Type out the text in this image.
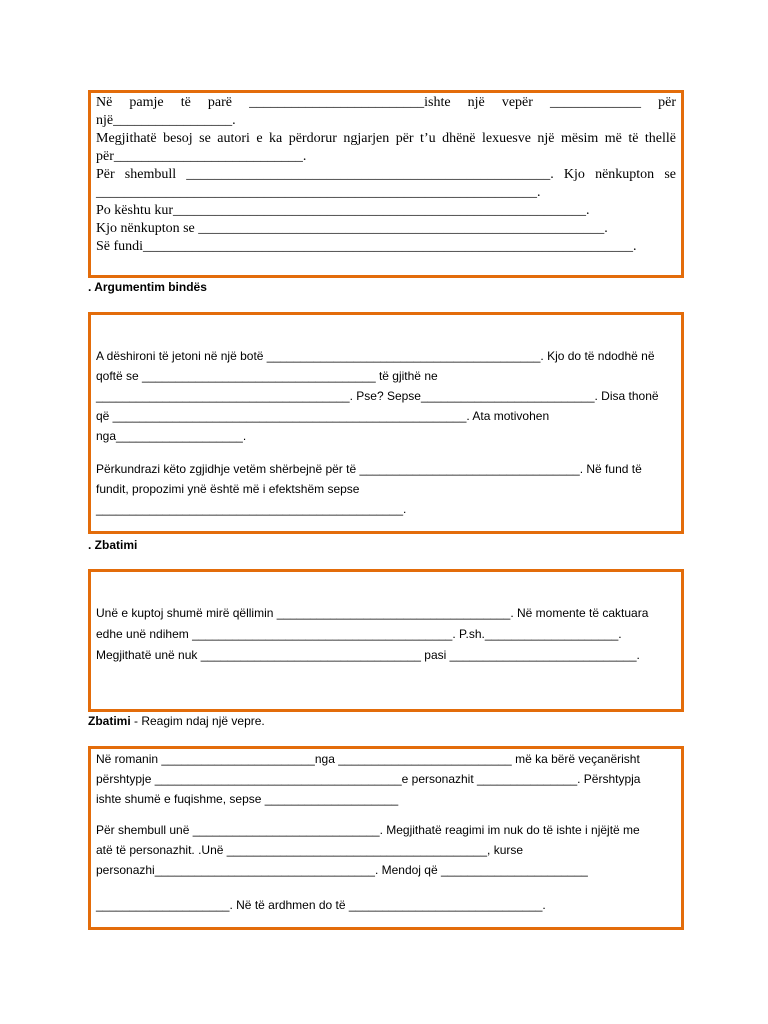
Në pamje të parë _________________________ishte një vepër _____________ për
një_________________.
Megjithatë besoj se autori e ka përdorur ngjarjen për t’u dhënë lexuesve një mësim më të thellë
për___________________________.
Për shembull ____________________________________________________. Kjo nënkupton se
_______________________________________________________________.
Po kështu kur___________________________________________________________.
Kjo nënkupton se __________________________________________________________.
Së fundi______________________________________________________________________.
. Argumentim bindës
A dëshironi të jetoni në një botë _________________________________________. Kjo do të ndodhë në
qoftë se ___________________________________ të gjithë ne
______________________________________. Pse? Sepse__________________________. Disa thonë
që _____________________________________________________. Ata motivohen
nga___________________.
Përkundrazi këto zgjidhje vetëm shërbejnë për të _________________________________. Në fund të
fundit, propozimi ynë është më i efektshëm sepse
______________________________________________.
. Zbatimi
Unë e kuptoj shumë mirë qëllimin ___________________________________. Në momente të caktuara
edhe unë ndihem _______________________________________. P.sh.____________________.
Megjithatë unë nuk _________________________________ pasi ____________________________.
Zbatimi - Reagim ndaj një vepre.
Në romanin _______________________nga __________________________ më ka bërë veçanërisht
përshtypje _____________________________________e personazhit _______________. Përshtypja
ishte shumë e fuqishme, sepse ____________________
Për shembull unë ____________________________. Megjithatë reagimi im nuk do të ishte i njëjtë me
atë të personazhit. .Unë _______________________________________, kurse
personazhi_________________________________. Mendoj që ______________________
____________________. Në të ardhmen do të _____________________________.
